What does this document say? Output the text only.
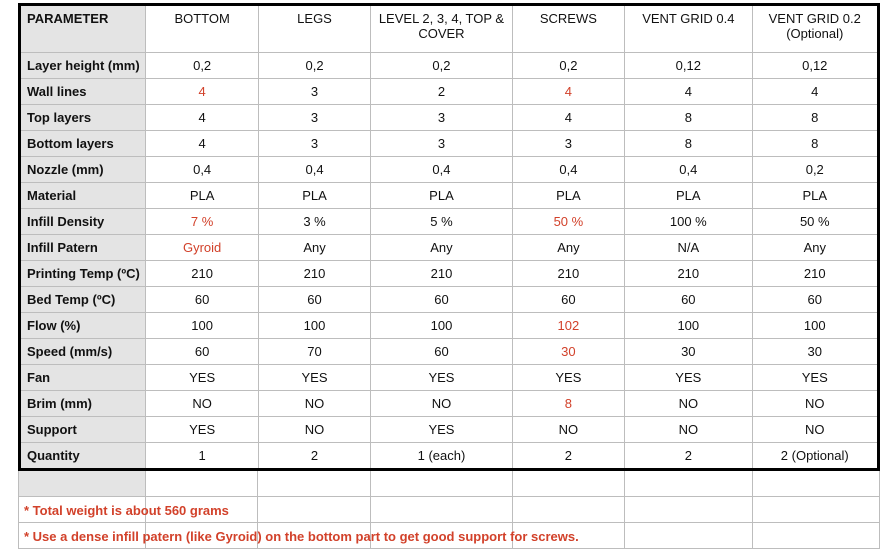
PARAMETER	BOTTOM	LEGS	LEVEL 2, 3, 4, TOP & COVER	SCREWS	VENT GRID 0.4	VENT GRID 0.2 (Optional)
Layer height (mm)	0,2	0,2	0,2	0,2	0,12	0,12
Wall lines	4	3	2	4	4	4
Top layers	4	3	3	4	8	8
Bottom layers	4	3	3	3	8	8
Nozzle (mm)	0,4	0,4	0,4	0,4	0,4	0,2
Material	PLA	PLA	PLA	PLA	PLA	PLA
Infill Density	7 %	3 %	5 %	50 %	100 %	50 %
Infill Patern	Gyroid	Any	Any	Any	N/A	Any
Printing Temp (ºC)	210	210	210	210	210	210
Bed Temp (ºC)	60	60	60	60	60	60
Flow (%)	100	100	100	102	100	100
Speed (mm/s)	60	70	60	30	30	30
Fan	YES	YES	YES	YES	YES	YES
Brim (mm)	NO	NO	NO	8	NO	NO
Support	YES	NO	YES	NO	NO	NO
Quantity	1	2	1 (each)	2	2	2 (Optional)

* Total weight is about 560 grams
* Use a dense infill patern (like Gyroid) on the bottom part to get good support for screws.
